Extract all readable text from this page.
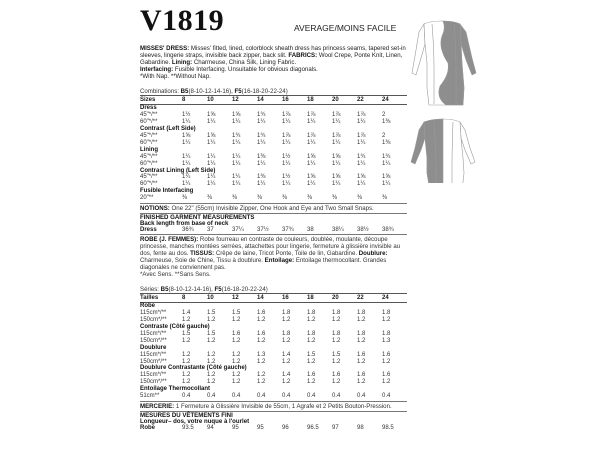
V1819	AVERAGE/MOINS FACILE
MISSES' DRESS: Misses' fitted, lined, colorblock sheath dress has princess seams, tapered set-in sleeves, lingerie straps, invisible back zipper, back slit. FABRICS: Wool Crepe, Ponte Knit, Linen, Gabardine. Lining: Charmeuse, China Silk, Lining Fabric.
Interfacing: Fusible Interfacing. Unsuitable for obvious diagonals.
*With Nap. **Without Nap.
Combinations: B5(8-10-12-14-16), F5(16-18-20-22-24)
Sizes	8	10	12	14	16	18	20	22	24
Dress									
45"*/**	1½	1⅝	1⅝	1¾	1⅞	1⅞	1⅞	1⅞	2
60"*/**	1¼	1¼	1¼	1¼	1¼	1¼	1¼	1¼	1⅜
Contrast (Left Side)									
45"*/**	1⅝	1⅝	1¾	1¾	1⅞	1⅞	1⅞	1⅞	2
60"*/**	1¼	1¼	1¼	1¼	1¼	1¼	1¼	1¼	1⅜
Lining									
45"*/**	1¼	1¼	1¼	1⅜	1½	1⅝	1⅝	1¾	1¾
60"*/**	1¼	1¼	1¼	1¼	1¼	1¼	1¼	1¼	1¼
Contrast Lining (Left Side)									
45"*/**	1¼	1¼	1¼	1⅜	1½	1⅝	1⅝	1⅝	1⅝
60"*/**	1¼	1¼	1¼	1¼	1¼	1¼	1¼	1¼	1¼
Fusible Interfacing									
20"**	⅜	⅜	⅜	⅜	⅜	⅜	⅜	⅜	⅜
NOTIONS: One 22" (55cm) Invisible Zipper, One Hook and Eye and Two Small Snaps.
FINISHED GARMENT MEASUREMENTS
Back length from base of neck
Dress	36¾	37	37¼	37½	37¾	38	38¼	38½	38¾
ROBE (J. FEMMES): Robe fourreau en contraste de couleurs, doublée, moulante, découpe princesse, manches montées serrées, attachettes pour lingerie, fermeture à glissière invisible au dos, fente au dos. TISSUS: Crêpe de laine, Tricot Ponte, Toile de lin, Gabardine. Doublure: Charmeuse, Soie de Chine, Tissu à doublure. Entoilage: Entoilage thermocollant. Grandes diagonales ne conviennent pas.
*Avec Sens. **Sans Sens.
Séries: B5(8-10-12-14-16), F5(16-18-20-22-24)
Tailles	8	10	12	14	16	18	20	22	24
Robe									
115cm*/**	1.4	1.5	1.5	1.6	1.8	1.8	1.8	1.8	1.8
150cm*/**	1.2	1.2	1.2	1.2	1.2	1.2	1.2	1.2	1.2
Contraste (Côté gauche)									
115cm*/**	1.5	1.5	1.6	1.6	1.8	1.8	1.8	1.8	1.8
150cm*/**	1.2	1.2	1.2	1.2	1.2	1.2	1.2	1.2	1.3
Doublure									
115cm*/**	1.2	1.2	1.2	1.3	1.4	1.5	1.5	1.6	1.6
150cm*/**	1.2	1.2	1.2	1.2	1.2	1.2	1.2	1.2	1.2
Doublure Contrastante (Côté gauche)									
115cm*/**	1.2	1.2	1.2	1.2	1.4	1.6	1.6	1.6	1.6
150cm*/**	1.2	1.2	1.2	1.2	1.2	1.2	1.2	1.2	1.2
Entoilage Thermocollant									
51cm**	0.4	0.4	0.4	0.4	0.4	0.4	0.4	0.4	0.4
MERCERIE: 1 Fermeture à Glissière Invisible de 55cm, 1 Agrafe et 2 Petits Bouton-Pression.
MESURES DU VÊTEMENTS FINI
Longueur– dos, votre nuque à l'ourlet
Robe	93.5	94	95	95	96	96.5	97	98	98.5
